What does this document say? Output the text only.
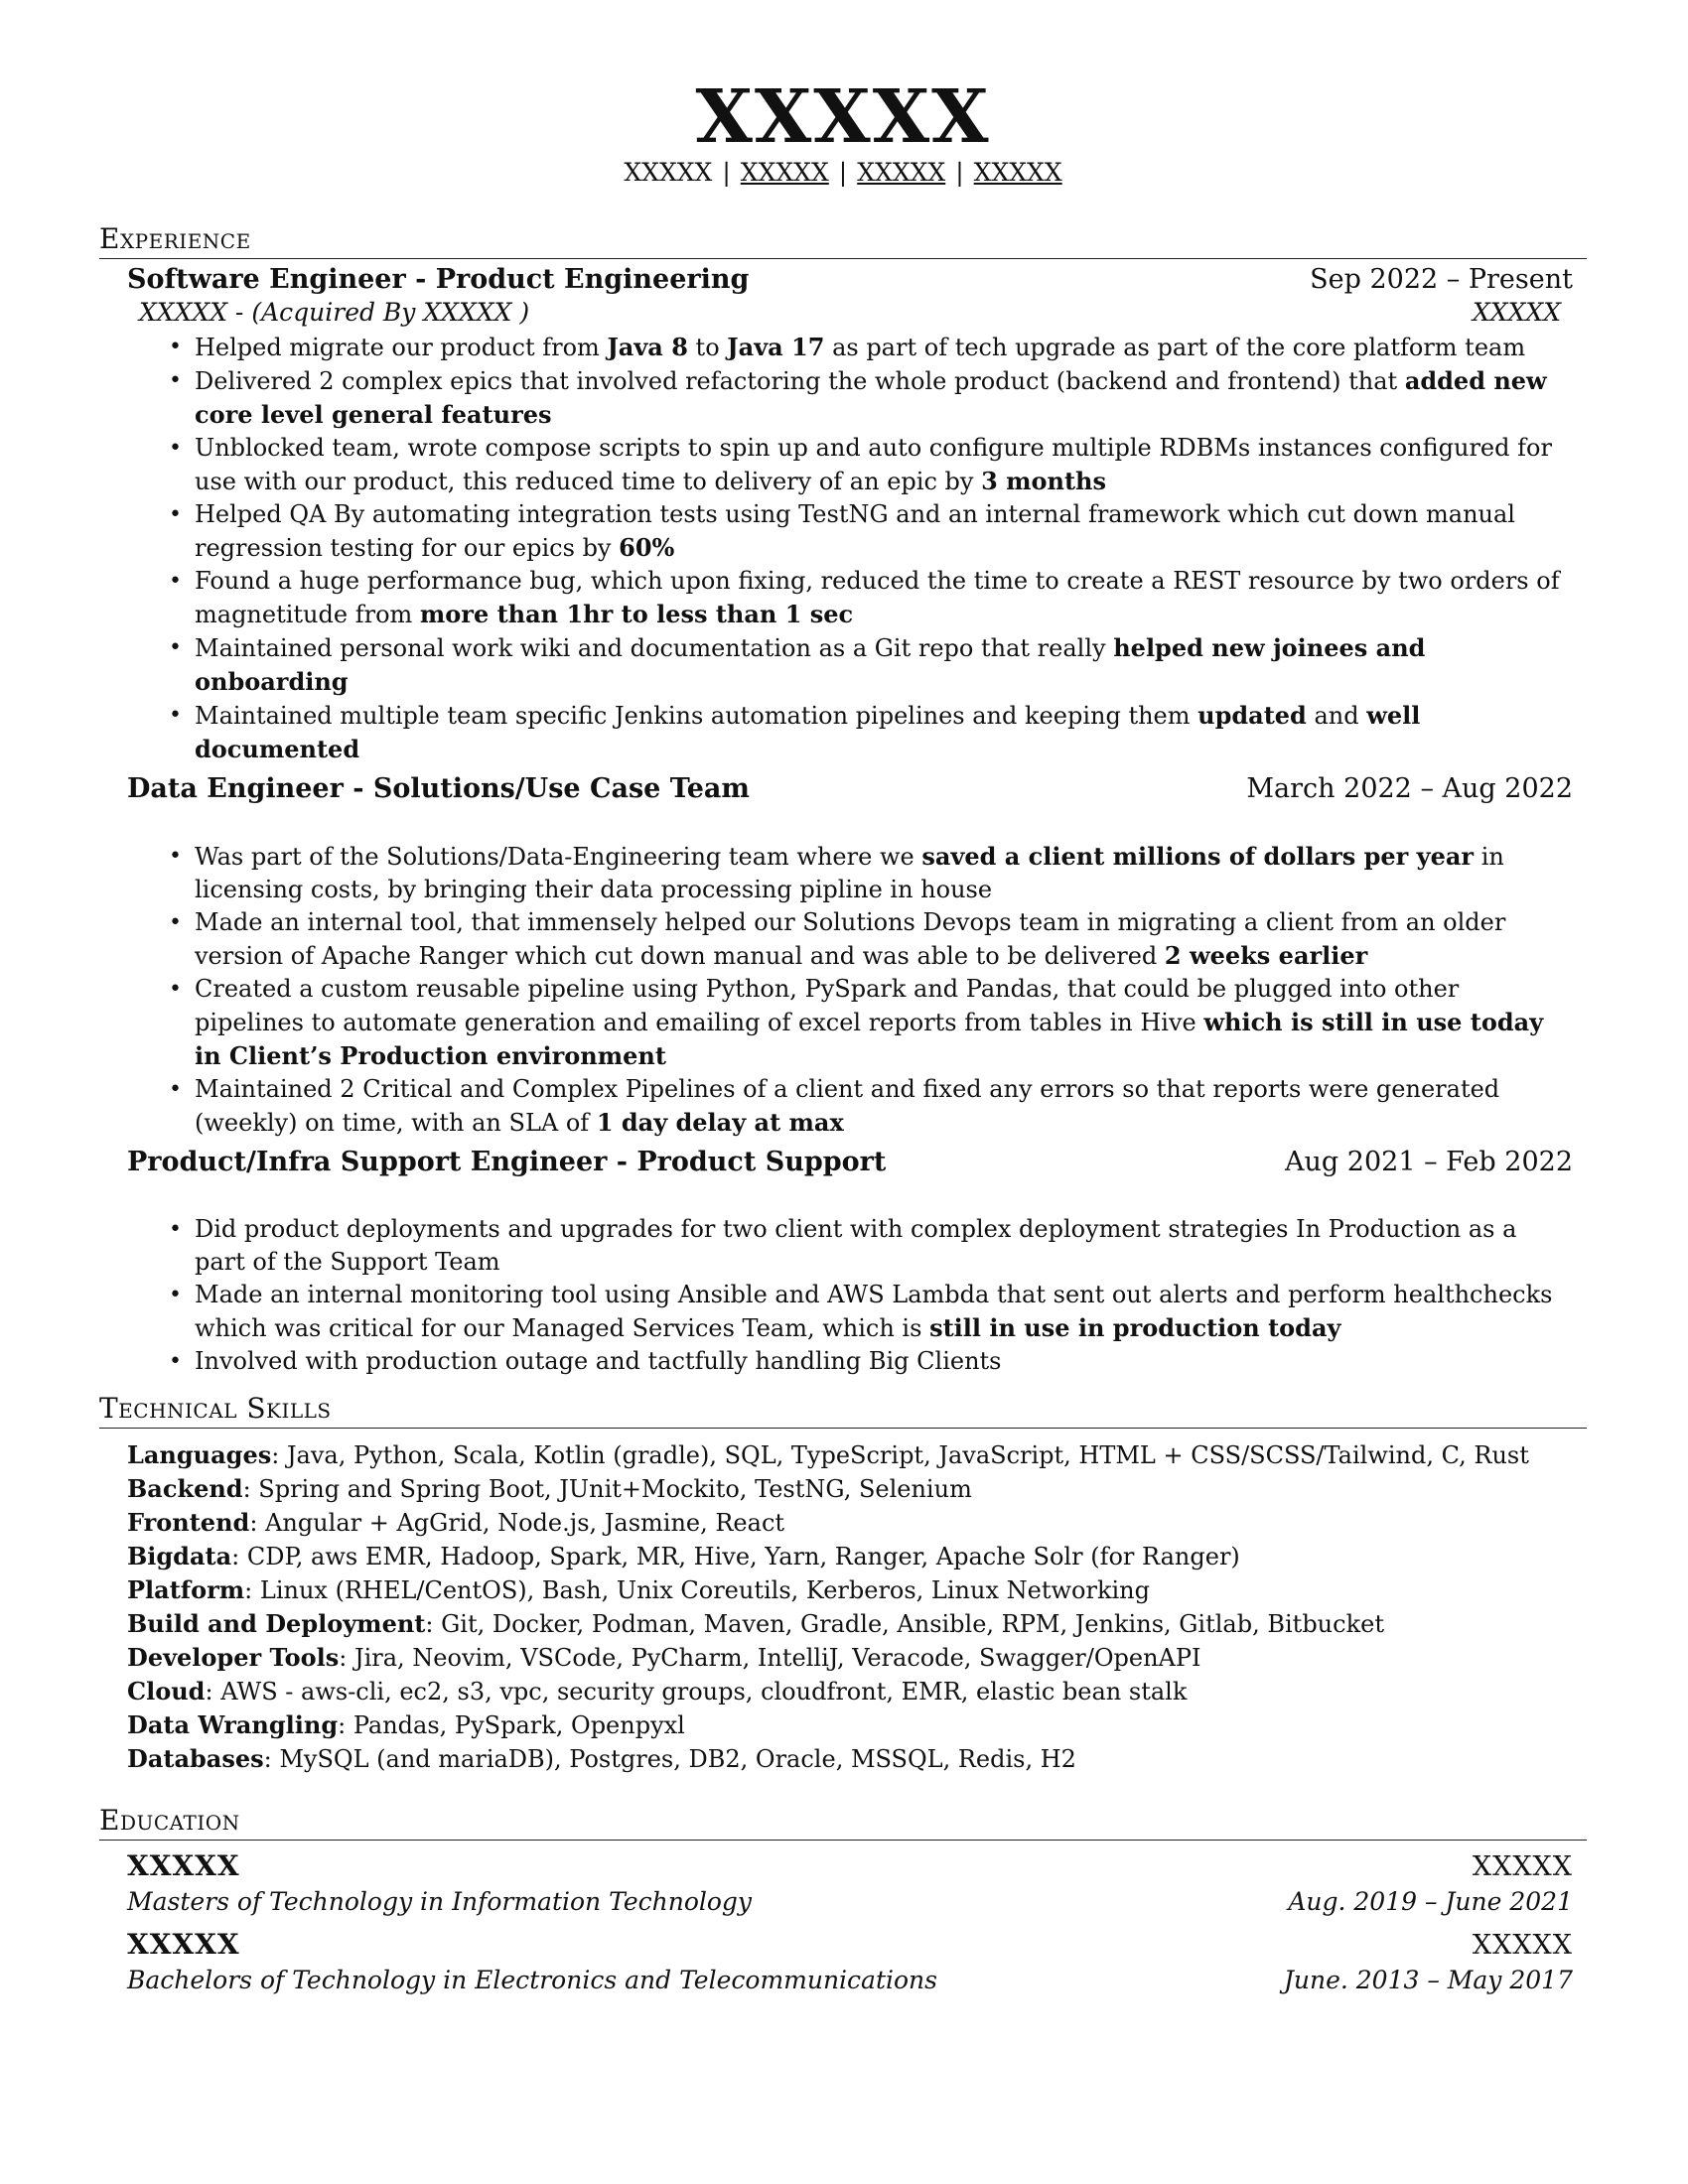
XXXXX
XXXXX | XXXXX | XXXXX | XXXXX
Experience
Software Engineer - Product Engineering	Sep 2022 – Present
XXXXX - (Acquired By XXXXX )	XXXXX
• Helped migrate our product from Java 8 to Java 17 as part of tech upgrade as part of the core platform team
• Delivered 2 complex epics that involved refactoring the whole product (backend and frontend) that added new core level general features
• Unblocked team, wrote compose scripts to spin up and auto configure multiple RDBMs instances configured for use with our product, this reduced time to delivery of an epic by 3 months
• Helped QA By automating integration tests using TestNG and an internal framework which cut down manual regression testing for our epics by 60%
• Found a huge performance bug, which upon fixing, reduced the time to create a REST resource by two orders of magnetitude from more than 1hr to less than 1 sec
• Maintained personal work wiki and documentation as a Git repo that really helped new joinees and onboarding
• Maintained multiple team specific Jenkins automation pipelines and keeping them updated and well documented
Data Engineer - Solutions/Use Case Team	March 2022 – Aug 2022
• Was part of the Solutions/Data-Engineering team where we saved a client millions of dollars per year in licensing costs, by bringing their data processing pipline in house
• Made an internal tool, that immensely helped our Solutions Devops team in migrating a client from an older version of Apache Ranger which cut down manual and was able to be delivered 2 weeks earlier
• Created a custom reusable pipeline using Python, PySpark and Pandas, that could be plugged into other pipelines to automate generation and emailing of excel reports from tables in Hive which is still in use today in Client’s Production environment
• Maintained 2 Critical and Complex Pipelines of a client and fixed any errors so that reports were generated (weekly) on time, with an SLA of 1 day delay at max
Product/Infra Support Engineer - Product Support	Aug 2021 – Feb 2022
• Did product deployments and upgrades for two client with complex deployment strategies In Production as a part of the Support Team
• Made an internal monitoring tool using Ansible and AWS Lambda that sent out alerts and perform healthchecks which was critical for our Managed Services Team, which is still in use in production today
• Involved with production outage and tactfully handling Big Clients
Technical Skills
Languages: Java, Python, Scala, Kotlin (gradle), SQL, TypeScript, JavaScript, HTML + CSS/SCSS/Tailwind, C, Rust
Backend: Spring and Spring Boot, JUnit+Mockito, TestNG, Selenium
Frontend: Angular + AgGrid, Node.js, Jasmine, React
Bigdata: CDP, aws EMR, Hadoop, Spark, MR, Hive, Yarn, Ranger, Apache Solr (for Ranger)
Platform: Linux (RHEL/CentOS), Bash, Unix Coreutils, Kerberos, Linux Networking
Build and Deployment: Git, Docker, Podman, Maven, Gradle, Ansible, RPM, Jenkins, Gitlab, Bitbucket
Developer Tools: Jira, Neovim, VSCode, PyCharm, IntelliJ, Veracode, Swagger/OpenAPI
Cloud: AWS - aws-cli, ec2, s3, vpc, security groups, cloudfront, EMR, elastic bean stalk
Data Wrangling: Pandas, PySpark, Openpyxl
Databases: MySQL (and mariaDB), Postgres, DB2, Oracle, MSSQL, Redis, H2
Education
XXXXX	XXXXX
Masters of Technology in Information Technology	Aug. 2019 – June 2021
XXXXX	XXXXX
Bachelors of Technology in Electronics and Telecommunications	June. 2013 – May 2017
